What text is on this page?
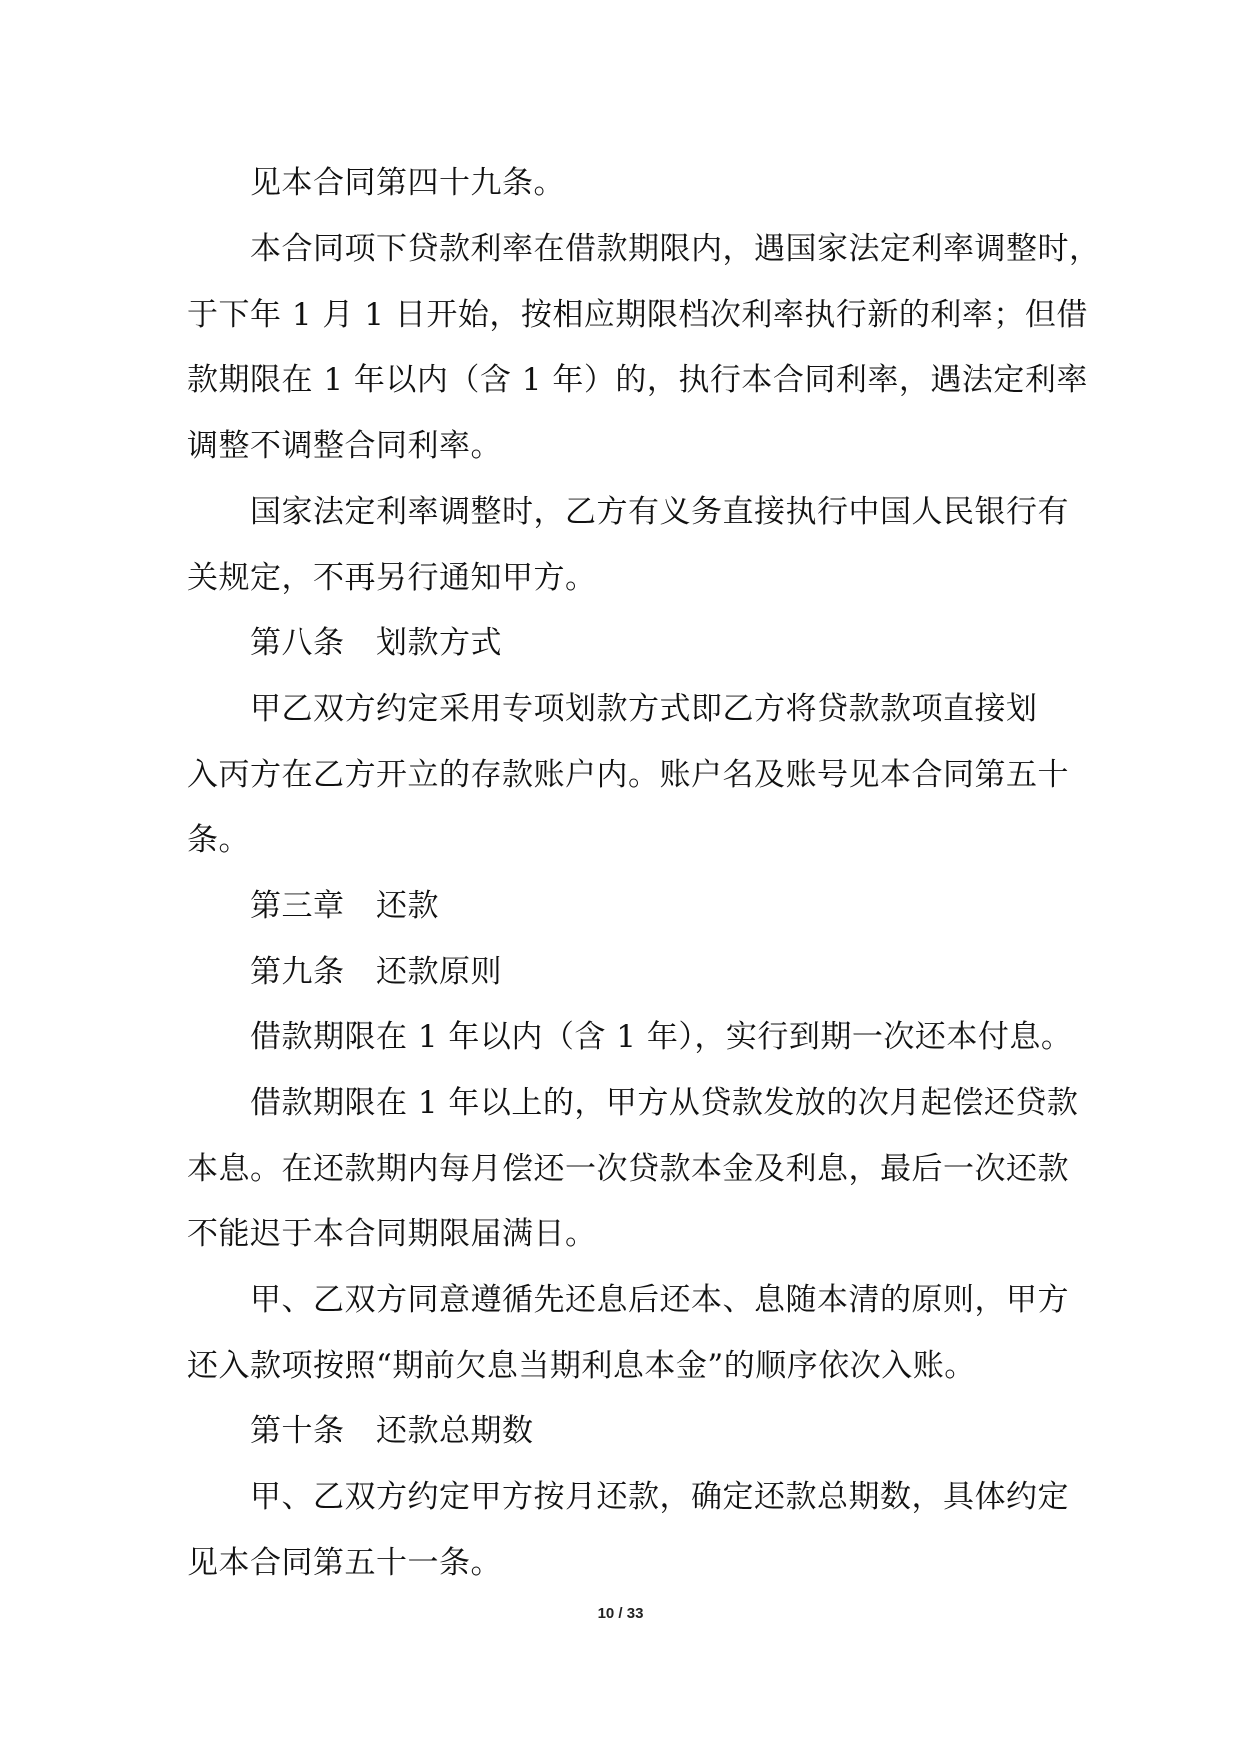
见本合同第四十九条。
本合同项下贷款利率在借款期限内，遇国家法定利率调整时，
于下年 1 月 1 日开始，按相应期限档次利率执行新的利率；但借
款期限在 1 年以内（含 1 年）的，执行本合同利率，遇法定利率
调整不调整合同利率。
国家法定利率调整时，乙方有义务直接执行中国人民银行有
关规定，不再另行通知甲方。
第八条　划款方式
甲乙双方约定采用专项划款方式即乙方将贷款款项直接划
入丙方在乙方开立的存款账户内。账户名及账号见本合同第五十
条。
第三章　还款
第九条　还款原则
借款期限在 1 年以内（含 1 年），实行到期一次还本付息。
借款期限在 1 年以上的，甲方从贷款发放的次月起偿还贷款
本息。在还款期内每月偿还一次贷款本金及利息，最后一次还款
不能迟于本合同期限届满日。
甲、乙双方同意遵循先还息后还本、息随本清的原则，甲方
还入款项按照“期前欠息当期利息本金”的顺序依次入账。
第十条　还款总期数
甲、乙双方约定甲方按月还款，确定还款总期数，具体约定
见本合同第五十一条。
10 / 33
